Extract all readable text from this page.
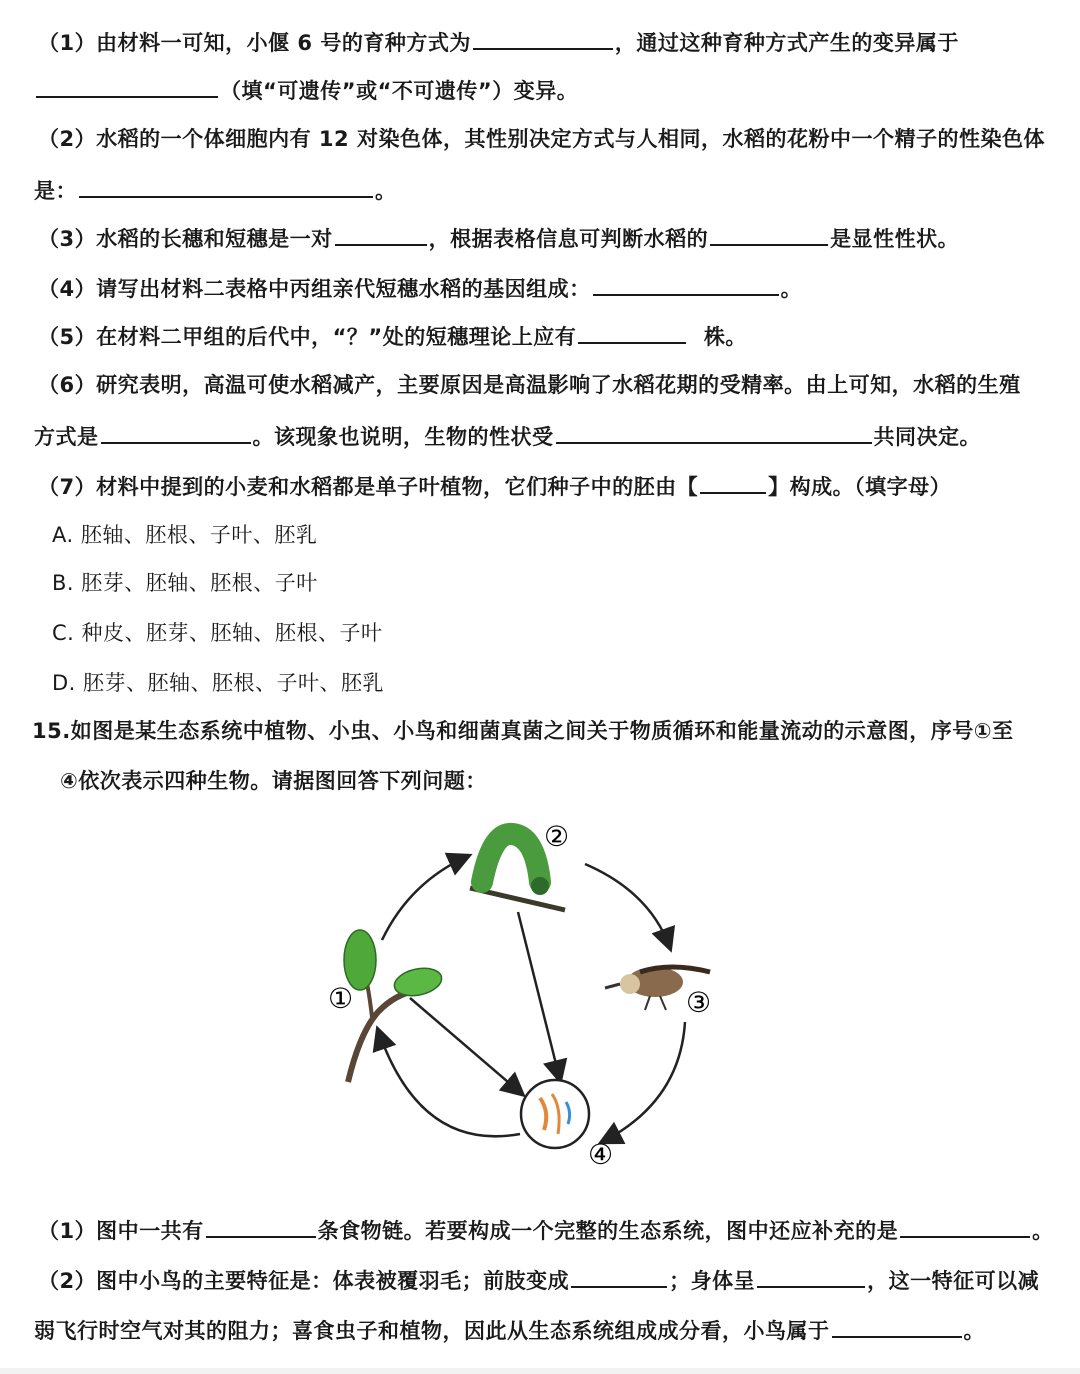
（1）由材料一可知，小偃 6 号的育种方式为	，通过这种育种方式产生的变异属于
（填“可遗传”或“不可遗传”）变异。
（2）水稻的一个体细胞内有 12 对染色体，其性别决定方式与人相同，水稻的花粉中一个精子的性染色体
是：	。
（3）水稻的长穗和短穗是一对	，根据表格信息可判断水稻的	是显性性状。
（4）请写出材料二表格中丙组亲代短穗水稻的基因组成：	。
（5）在材料二甲组的后代中，“？”处的短穗理论上应有	株。
（6）研究表明，高温可使水稻减产，主要原因是高温影响了水稻花期的受精率。由上可知，水稻的生殖
方式是	。该现象也说明，生物的性状受	共同决定。
（7）材料中提到的小麦和水稻都是单子叶植物，它们种子中的胚由【	】构成。（填字母）
A. 胚轴、胚根、子叶、胚乳
B. 胚芽、胚轴、胚根、子叶
C. 种皮、胚芽、胚轴、胚根、子叶
D. 胚芽、胚轴、胚根、子叶、胚乳
15.如图是某生态系统中植物、小虫、小鸟和细菌真菌之间关于物质循环和能量流动的示意图，序号①至
④依次表示四种生物。请据图回答下列问题：
①
②
③
④
（1）图中一共有	条食物链。若要构成一个完整的生态系统，图中还应补充的是	。
（2）图中小鸟的主要特征是：体表被覆羽毛；前肢变成	；身体呈	，这一特征可以减
弱飞行时空气对其的阻力；喜食虫子和植物，因此从生态系统组成成分看，小鸟属于	。
